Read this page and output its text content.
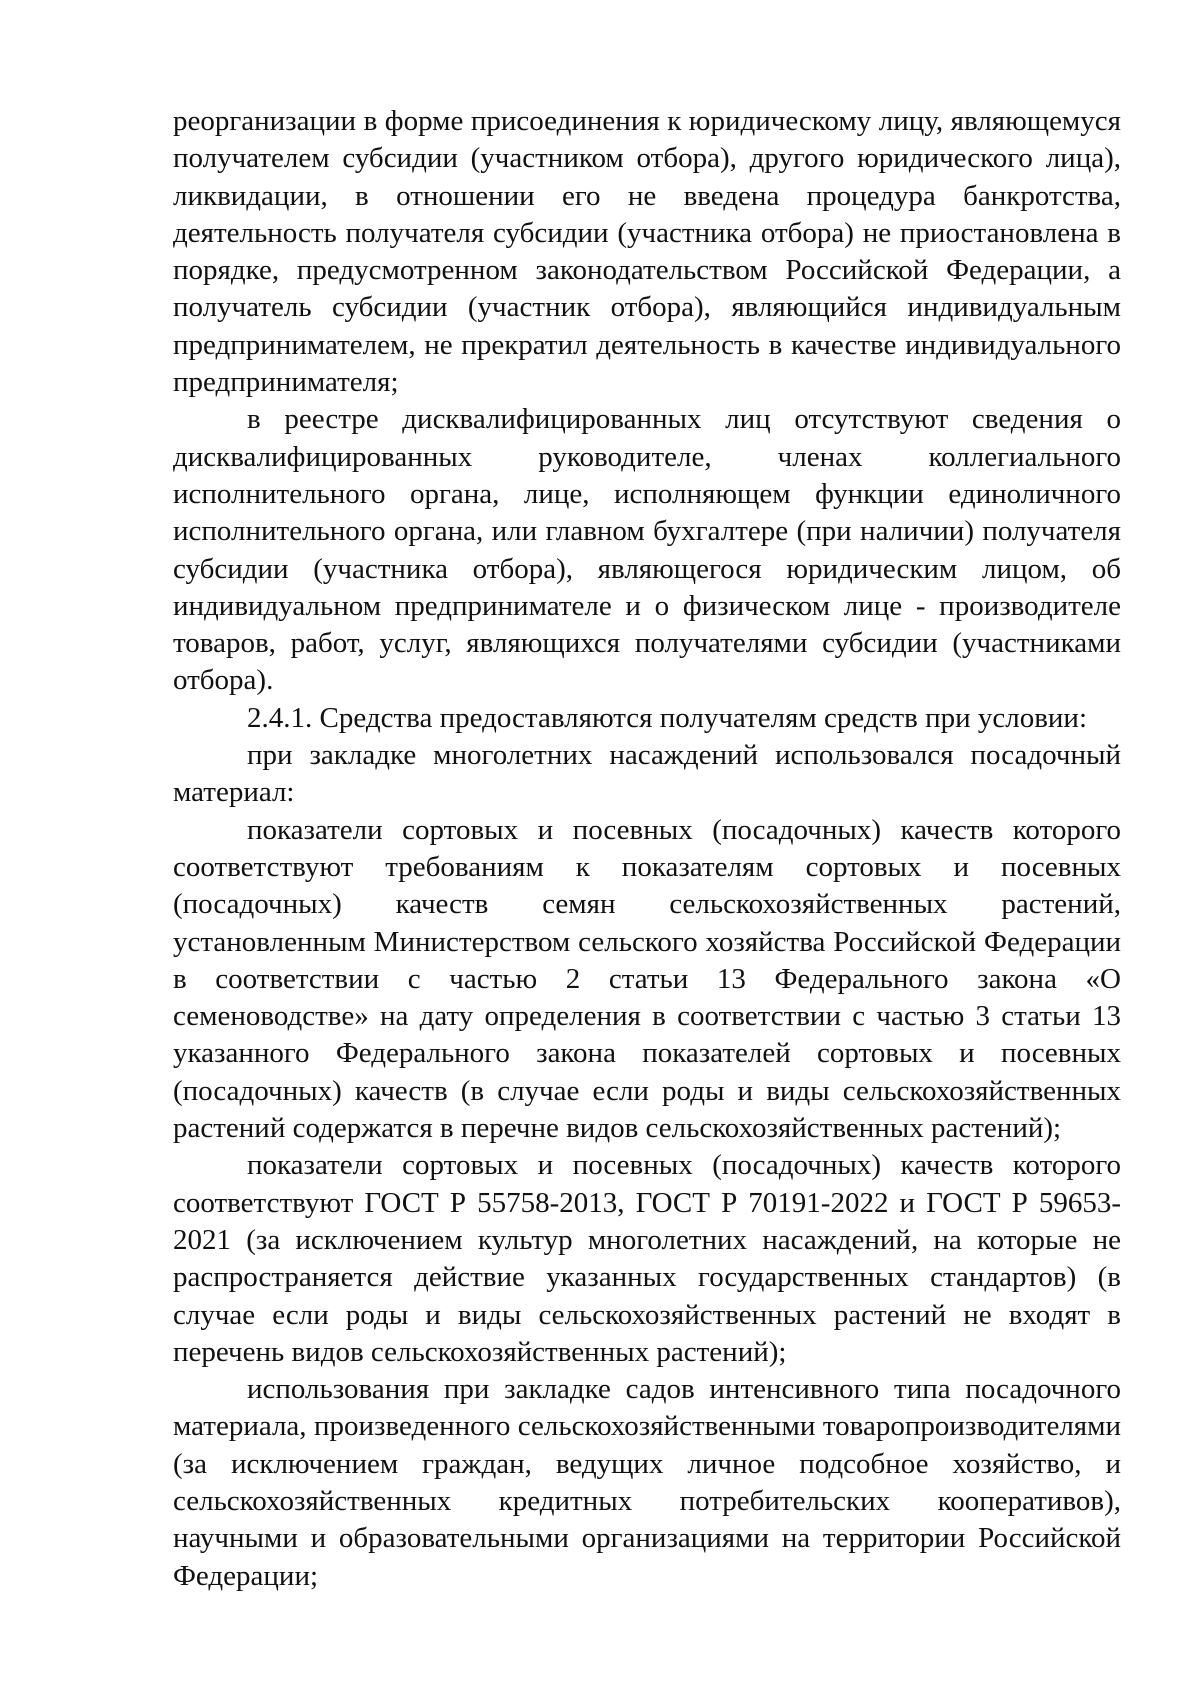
реорганизации в форме присоединения к юридическому лицу, являющемуся получателем субсидии (участником отбора), другого юридического лица), ликвидации, в отношении его не введена процедура банкротства, деятельность получателя субсидии (участника отбора) не приостановлена в порядке, предусмотренном законодательством Российской Федерации, а получатель субсидии (участник отбора), являющийся индивидуальным предпринимателем, не прекратил деятельность в качестве индивидуального предпринимателя;

в реестре дисквалифицированных лиц отсутствуют сведения о дисквалифицированных руководителе, членах коллегиального исполнительного органа, лице, исполняющем функции единоличного исполнительного органа, или главном бухгалтере (при наличии) получателя субсидии (участника отбора), являющегося юридическим лицом, об индивидуальном предпринимателе и о физическом лице - производителе товаров, работ, услуг, являющихся получателями субсидии (участниками отбора).

2.4.1. Средства предоставляются получателям средств при условии:

при закладке многолетних насаждений использовался посадочный материал:

показатели сортовых и посевных (посадочных) качеств которого соответствуют требованиям к показателям сортовых и посевных (посадочных) качеств семян сельскохозяйственных растений, установленным Министерством сельского хозяйства Российской Федерации в соответствии с частью 2 статьи 13 Федерального закона «О семеноводстве» на дату определения в соответствии с частью 3 статьи 13 указанного Федерального закона показателей сортовых и посевных (посадочных) качеств (в случае если роды и виды сельскохозяйственных растений содержатся в перечне видов сельскохозяйственных растений);

показатели сортовых и посевных (посадочных) качеств которого соответствуют ГОСТ Р 55758-2013, ГОСТ Р 70191-2022 и ГОСТ Р 59653-2021 (за исключением культур многолетних насаждений, на которые не распространяется действие указанных государственных стандартов) (в случае если роды и виды сельскохозяйственных растений не входят в перечень видов сельскохозяйственных растений);

использования при закладке садов интенсивного типа посадочного материала, произведенного сельскохозяйственными товаропроизводителями (за исключением граждан, ведущих личное подсобное хозяйство, и сельскохозяйственных кредитных потребительских кооперативов), научными и образовательными организациями на территории Российской Федерации;
